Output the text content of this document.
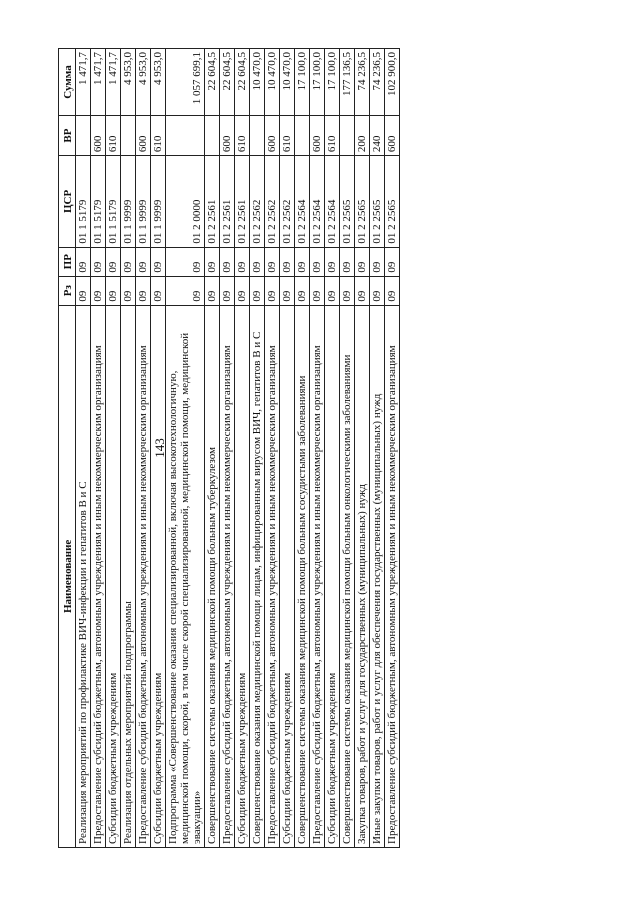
143
Наименование	Рз	ПР	ЦСР	ВР	Сумма
Реализация мероприятий по профилактике ВИЧ-инфекции и гепатитов В и С	09	09	01 1 5179		1 471,7
Предоставление субсидий бюджетным, автономным учреждениям и иным некоммерческим организациям	09	09	01 1 5179	600	1 471,7
Субсидии бюджетным учреждениям	09	09	01 1 5179	610	1 471,7
Реализация отдельных мероприятий подпрограммы	09	09	01 1 9999		4 953,0
Предоставление субсидий бюджетным, автономным учреждениям и иным некоммерческим организациям	09	09	01 1 9999	600	4 953,0
Субсидии бюджетным учреждениям	09	09	01 1 9999	610	4 953,0
Подпрограмма «Совершенствование оказания специализированной, включая высокотехнологичную, медицинской помощи, скорой, в том числе скорой специализированной, медицинской помощи, медицинской эвакуации»	09	09	01 2 0000		1 057 699,1
Совершенствование системы оказания медицинской помощи больным туберкулезом	09	09	01 2 2561		22 604,5
Предоставление субсидий бюджетным, автономным учреждениям и иным некоммерческим организациям	09	09	01 2 2561	600	22 604,5
Субсидии бюджетным учреждениям	09	09	01 2 2561	610	22 604,5
Совершенствование оказания медицинской помощи лицам, инфицированным вирусом ВИЧ, гепатитов В и С	09	09	01 2 2562		10 470,0
Предоставление субсидий бюджетным, автономным учреждениям и иным некоммерческим организациям	09	09	01 2 2562	600	10 470,0
Субсидии бюджетным учреждениям	09	09	01 2 2562	610	10 470,0
Совершенствование системы оказания медицинской помощи больным сосудистыми заболеваниями	09	09	01 2 2564		17 100,0
Предоставление субсидий бюджетным, автономным учреждениям и иным некоммерческим организациям	09	09	01 2 2564	600	17 100,0
Субсидии бюджетным учреждениям	09	09	01 2 2564	610	17 100,0
Совершенствование системы оказания медицинской помощи больным онкологическими заболеваниями	09	09	01 2 2565		177 136,5
Закупка товаров, работ и услуг для государственных (муниципальных) нужд	09	09	01 2 2565	200	74 236,5
Иные закупки товаров, работ и услуг для обеспечения государственных (муниципальных) нужд	09	09	01 2 2565	240	74 236,5
Предоставление субсидий бюджетным, автономным учреждениям и иным некоммерческим организациям	09	09	01 2 2565	600	102 900,0
